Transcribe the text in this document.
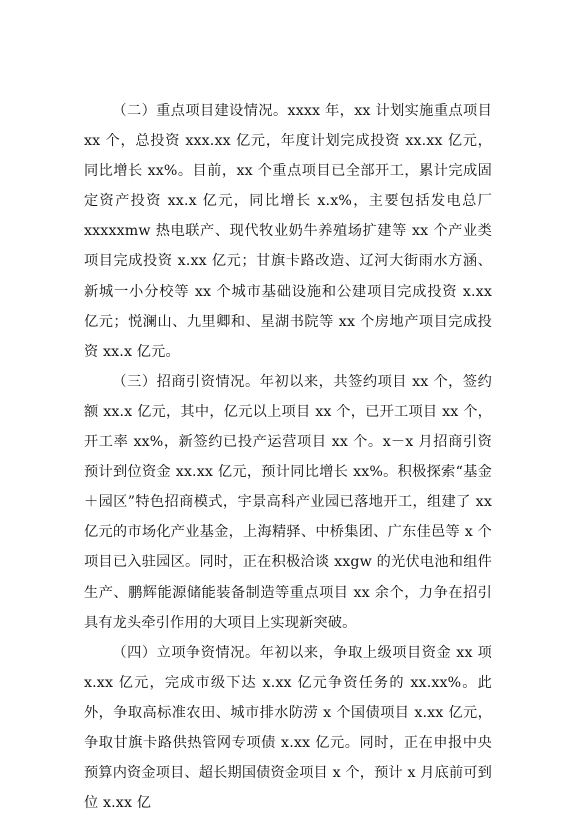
（二）重点项目建设情况。xxxx 年，xx 计划实施重点项目 xx 个，总投资 xxx.xx 亿元，年度计划完成投资 xx.xx 亿元，同比增长 xx%。目前，xx 个重点项目已全部开工，累计完成固定资产投资 xx.x 亿元，同比增长 x.x%，主要包括发电总厂 xxxxxmw 热电联产、现代牧业奶牛养殖场扩建等 xx 个产业类项目完成投资 x.xx 亿元；甘旗卡路改造、辽河大街雨水方涵、新城一小分校等 xx 个城市基础设施和公建项目完成投资 x.xx 亿元；悦澜山、九里卿和、星湖书院等 xx 个房地产项目完成投资 xx.x 亿元。

（三）招商引资情况。年初以来，共签约项目 xx 个，签约额 xx.x 亿元，其中，亿元以上项目 xx 个，已开工项目 xx 个，开工率 xx%，新签约已投产运营项目 xx 个。x－x 月招商引资预计到位资金 xx.xx 亿元，预计同比增长 xx%。积极探索“基金＋园区”特色招商模式，宇景高科产业园已落地开工，组建了 xx 亿元的市场化产业基金，上海精驿、中桥集团、广东佳邑等 x 个项目已入驻园区。同时，正在积极洽谈 xxgw 的光伏电池和组件生产、鹏辉能源储能装备制造等重点项目 xx 余个，力争在招引具有龙头牵引作用的大项目上实现新突破。

（四）立项争资情况。年初以来，争取上级项目资金 xx 项 x.xx 亿元，完成市级下达 x.xx 亿元争资任务的 xx.xx%。此外，争取高标准农田、城市排水防涝 x 个国债项目 x.xx 亿元，争取甘旗卡路供热管网专项债 x.xx 亿元。同时，正在申报中央预算内资金项目、超长期国债资金项目 x 个，预计 x 月底前可到位 x.xx 亿
